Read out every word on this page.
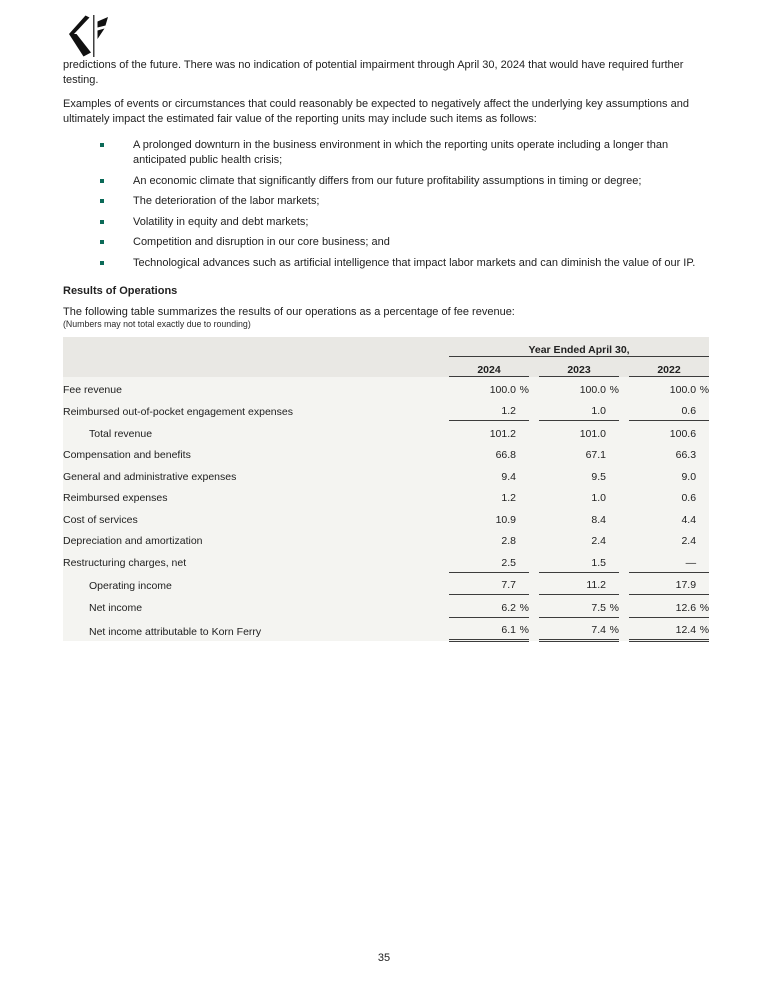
predictions of the future. There was no indication of potential impairment through April 30, 2024 that would have required further testing.

Examples of events or circumstances that could reasonably be expected to negatively affect the underlying key assumptions and ultimately impact the estimated fair value of the reporting units may include such items as follows:

A prolonged downturn in the business environment in which the reporting units operate including a longer than anticipated public health crisis;
An economic climate that significantly differs from our future profitability assumptions in timing or degree;
The deterioration of the labor markets;
Volatility in equity and debt markets;
Competition and disruption in our core business; and
Technological advances such as artificial intelligence that impact labor markets and can diminish the value of our IP.
Results of Operations

The following table summarizes the results of our operations as a percentage of fee revenue:

(Numbers may not total exactly due to rounding)

	Year Ended April 30,				
	2024		2023		2022
Fee revenue	100.0 %		100.0 %		100.0 %
Reimbursed out-of-pocket engagement expenses	1.2		1.0		0.6
Total revenue	101.2		101.0		100.6
Compensation and benefits	66.8		67.1		66.3
General and administrative expenses	9.4		9.5		9.0
Reimbursed expenses	1.2		1.0		0.6
Cost of services	10.9		8.4		4.4
Depreciation and amortization	2.8		2.4		2.4
Restructuring charges, net	2.5		1.5		—
Operating income	7.7		11.2		17.9
Net income	6.2 %		7.5 %		12.6 %
Net income attributable to Korn Ferry	6.1 %		7.4 %		12.4 %
35
